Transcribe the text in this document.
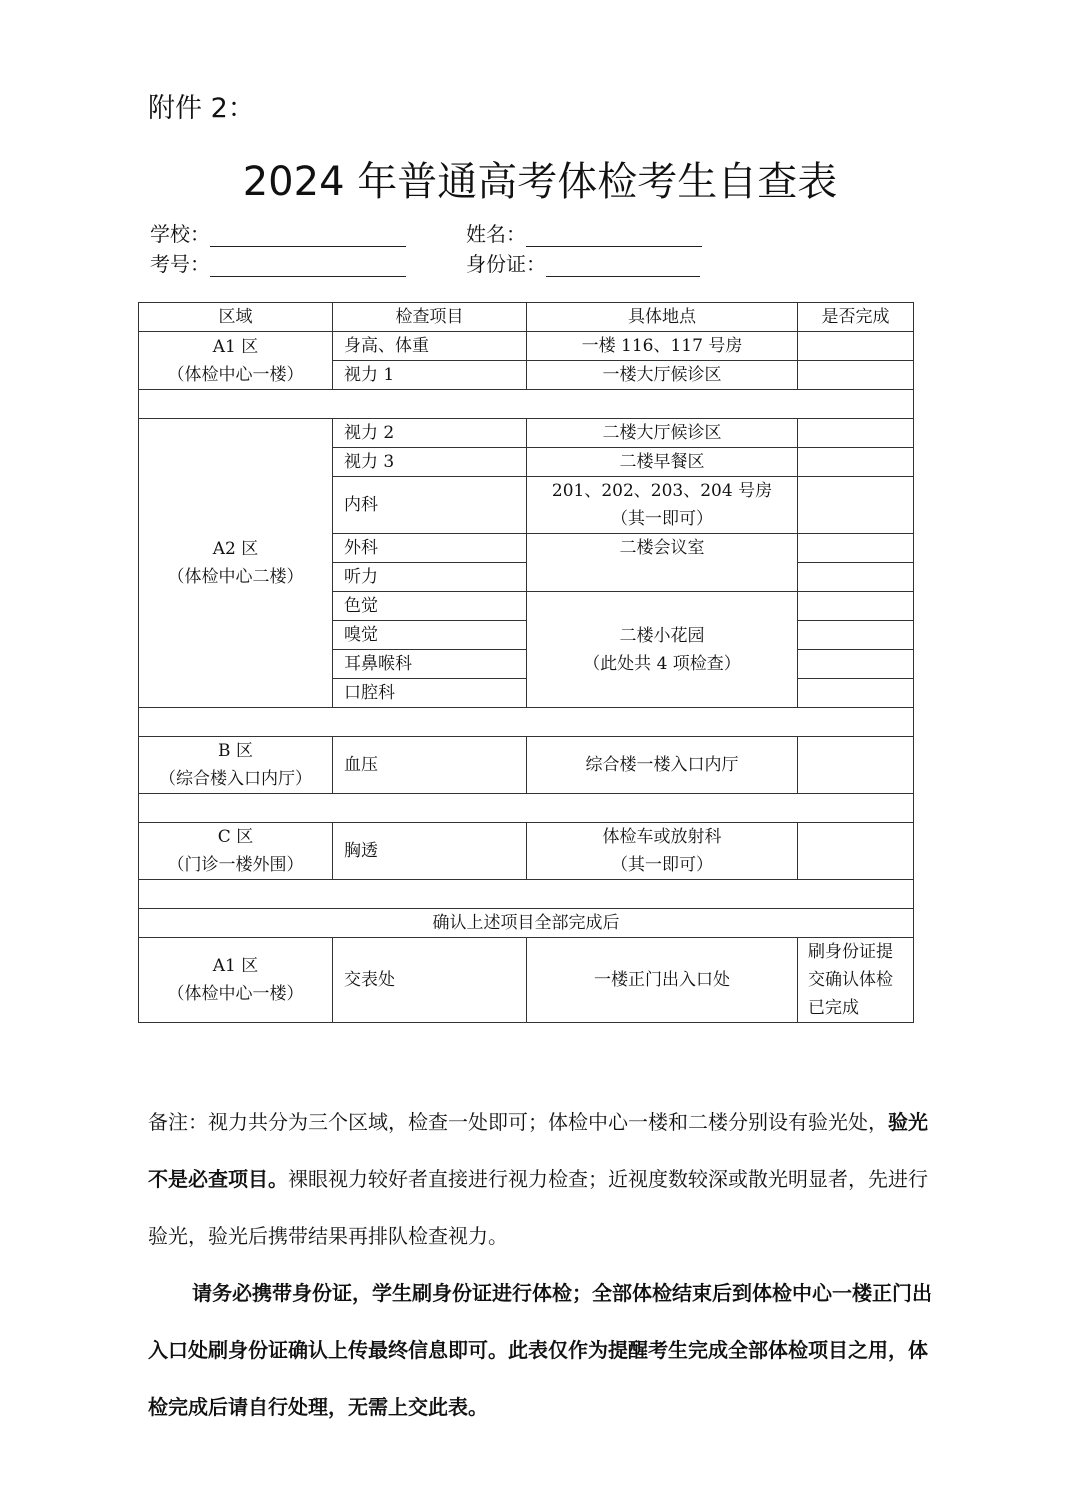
附件 2：
2024 年普通高考体检考生自查表
学校：	姓名：
考号：	身份证：
区域	检查项目	具体地点	是否完成

A1 区
（体检中心一楼）	身高、体重	一楼 116、117 号房	
	视力 1	一楼大厅候诊区	

A2 区
（体检中心二楼）	视力 2	二楼大厅候诊区	
	视力 3	二楼早餐区	
	内科	201、202、203、204 号房
（其一即可）	

	外科	二楼会议室	
	听力		
	色觉	二楼小花园
（此处共 4 项检查）	

	嗅觉		
	耳鼻喉科		
	口腔科		

B 区
（综合楼入口内厅）	血压	综合楼一楼入口内厅	

C 区
（门诊一楼外围）	胸透	体检车或放射科
（其一即可）	

确认上述项目全部完成后			

A1 区
（体检中心一楼）	交表处	一楼正门出入口处	刷身份证提
交确认体检
已完成

备注：视力共分为三个区域，检查一处即可；体检中心一楼和二楼分别设有验光处，验光不是必查项目。裸眼视力较好者直接进行视力检查；近视度数较深或散光明显者，先进行验光，验光后携带结果再排队检查视力。

请务必携带身份证，学生刷身份证进行体检；全部体检结束后到体检中心一楼正门出入口处刷身份证确认上传最终信息即可。此表仅作为提醒考生完成全部体检项目之用，体检完成后请自行处理，无需上交此表。
